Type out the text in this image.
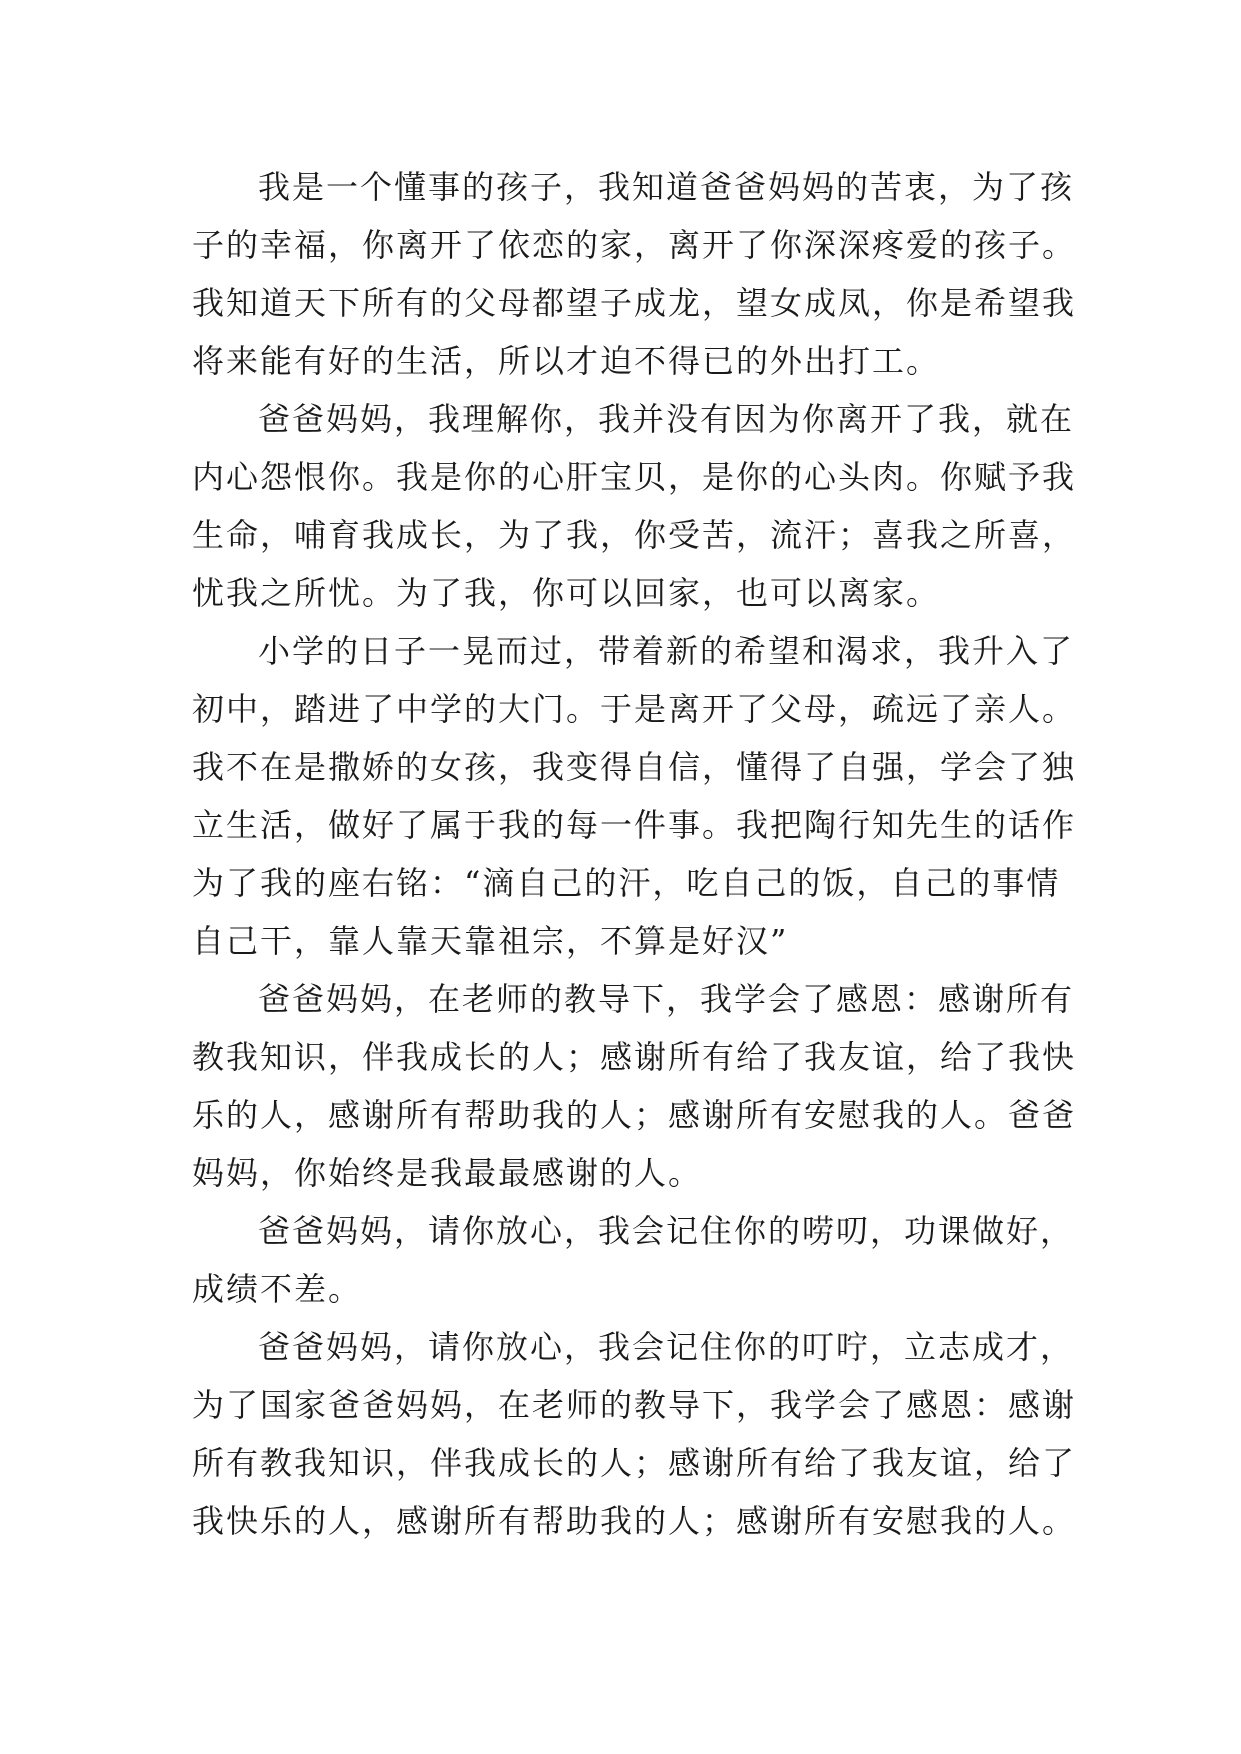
我是一个懂事的孩子，我知道爸爸妈妈的苦衷，为了孩
子的幸福，你离开了依恋的家，离开了你深深疼爱的孩子。
我知道天下所有的父母都望子成龙，望女成凤，你是希望我
将来能有好的生活，所以才迫不得已的外出打工。
爸爸妈妈，我理解你，我并没有因为你离开了我，就在
内心怨恨你。我是你的心肝宝贝，是你的心头肉。你赋予我
生命，哺育我成长，为了我，你受苦，流汗；喜我之所喜，
忧我之所忧。为了我，你可以回家，也可以离家。
小学的日子一晃而过，带着新的希望和渴求，我升入了
初中，踏进了中学的大门。于是离开了父母，疏远了亲人。
我不在是撒娇的女孩，我变得自信，懂得了自强，学会了独
立生活，做好了属于我的每一件事。我把陶行知先生的话作
为了我的座右铭：“滴自己的汗，吃自己的饭，自己的事情
自己干，靠人靠天靠祖宗，不算是好汉”
爸爸妈妈，在老师的教导下，我学会了感恩：感谢所有
教我知识，伴我成长的人；感谢所有给了我友谊，给了我快
乐的人，感谢所有帮助我的人；感谢所有安慰我的人。爸爸
妈妈，你始终是我最最感谢的人。
爸爸妈妈，请你放心，我会记住你的唠叨，功课做好，
成绩不差。
爸爸妈妈，请你放心，我会记住你的叮咛，立志成才，
为了国家爸爸妈妈，在老师的教导下，我学会了感恩：感谢
所有教我知识，伴我成长的人；感谢所有给了我友谊，给了
我快乐的人，感谢所有帮助我的人；感谢所有安慰我的人。
